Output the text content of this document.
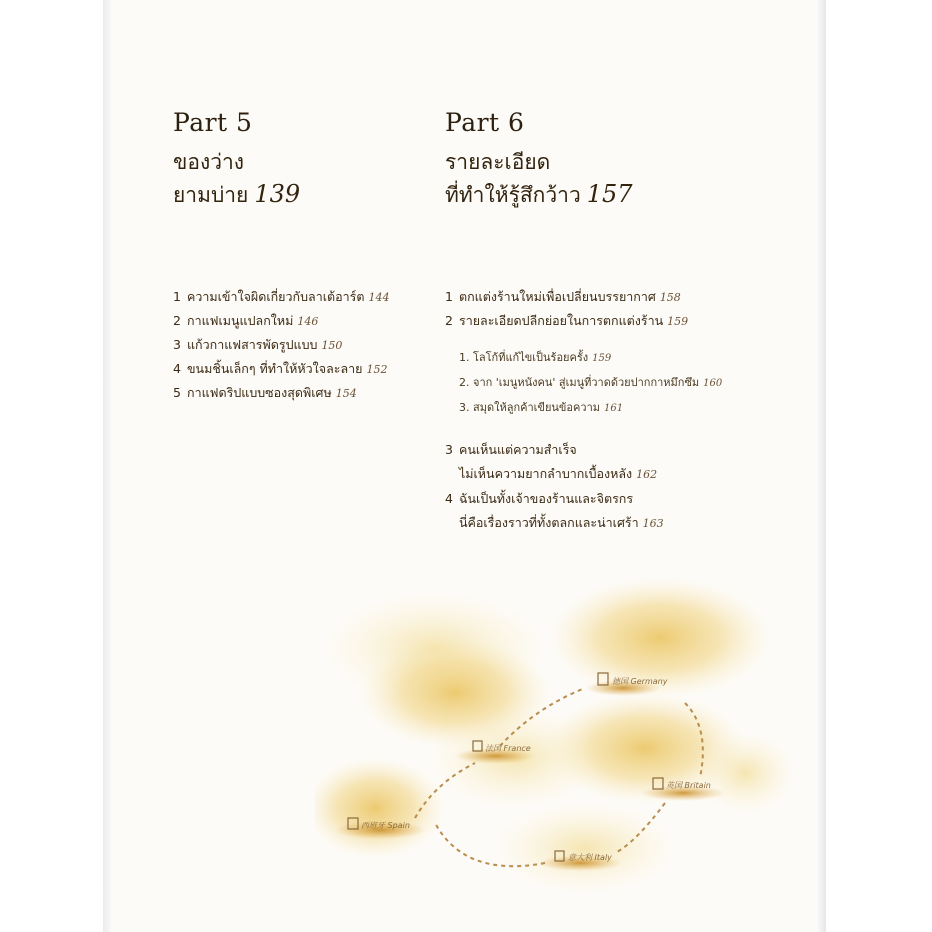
Part 5
ของว่าง
ยามบ่าย 139
Part 6
รายละเอียด
ที่ทำให้รู้สึกว้าว 157
1 ความเข้าใจผิดเกี่ยวกับลาเต้อาร์ต 144
2 กาแฟเมนูแปลกใหม่ 146
3 แก้วกาแฟสารพัดรูปแบบ 150
4 ขนมชิ้นเล็กๆ ที่ทำให้หัวใจละลาย 152
5 กาแฟดริปแบบซองสุดพิเศษ 154
1 ตกแต่งร้านใหม่เพื่อเปลี่ยนบรรยากาศ 158
2 รายละเอียดปลีกย่อยในการตกแต่งร้าน 159
1. โลโก้ที่แก้ไขเป็นร้อยครั้ง 159
2. จาก 'เมนูหนังคน' สู่เมนูที่วาดด้วยปากกาหมึกซึม 160
3. สมุดให้ลูกค้าเขียนข้อความ 161
3 คนเห็นแต่ความสำเร็จ
ไม่เห็นความยากลำบากเบื้องหลัง 162
4 ฉันเป็นทั้งเจ้าของร้านและจิตรกร
นี่คือเรื่องราวที่ทั้งตลกและน่าเศร้า 163
德国 Germany
法国 France
意大利 Italy
西班牙 Spain
英国 Britain
